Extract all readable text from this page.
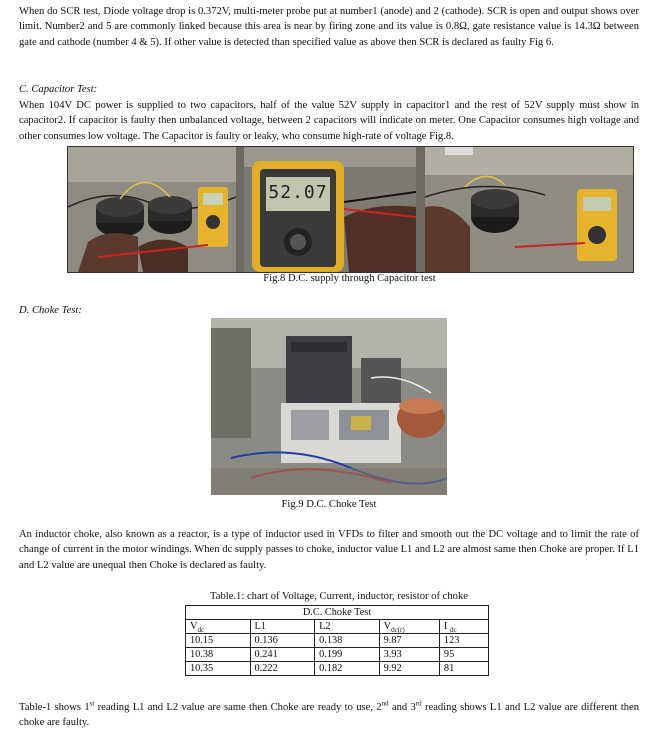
When do SCR test, Diode voltage drop is 0.372V, multi-meter probe put at number1 (anode) and 2 (cathode). SCR is open and output shows over limit. Number2 and 5 are commonly linked because this area is near by firing zone and its value is 0.8Ω, gate resistance value is 14.3Ω between gate and cathode (number 4 & 5). If other value is detected than specified value as above then SCR is declared as faulty Fig 6.

C. Capacitor Test:

When 104V DC power is supplied to two capacitors, half of the value 52V supply in capacitor1 and the rest of 52V supply must show in capacitor2. If capacitor is faulty then unbalanced voltage, between 2 capacitors will indicate on meter. One Capacitor consumes high voltage and other consumes low voltage. The Capacitor is faulty or leaky, who consume high-rate of voltage Fig.8.

52.07

Fig.8 D.C. supply through Capacitor test

D. Choke Test:

Fig.9 D.C. Choke Test

An inductor choke, also known as a reactor, is a type of inductor used in VFDs to filter and smooth out the DC voltage and to limit the rate of change of current in the motor windings. When dc supply passes to choke, inductor value L1 and L2 are almost same then Choke are proper. If L1 and L2 value are unequal then Choke is declared as faulty.

Table.1: chart of Voltage, Current, inductor, resistor of choke

D.C. Choke Test				
$V_{dc}$	L1	L2	$V_{dc(r)}$	I $_{dc}$
10.15	0.136	0.138	9.87	123
10.38	0.241	0.199	3.93	95
10.35	0.222	0.182	9.92	81

Table-1 shows 1st reading L1 and L2 value are same then Choke are ready to use, 2nd and 3rd reading shows L1 and L2 value are different then choke are faulty.
